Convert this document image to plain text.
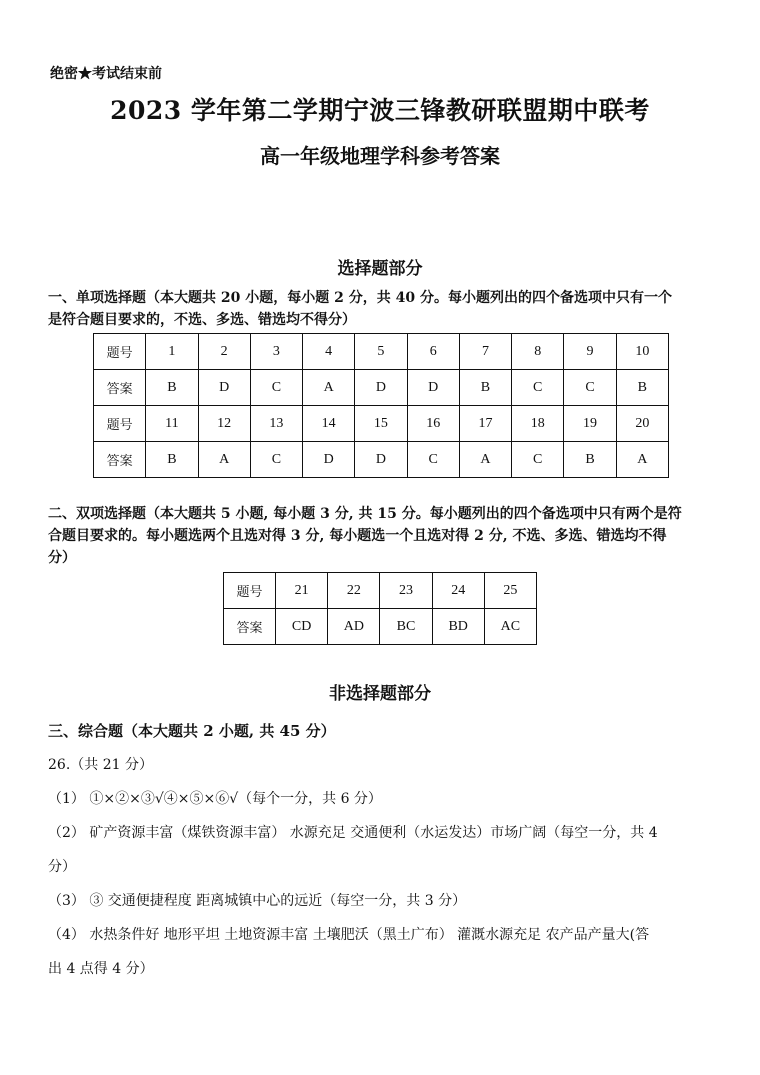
绝密★考试结束前
2023 学年第二学期宁波三锋教研联盟期中联考
高一年级地理学科参考答案
选择题部分
一、单项选择题（本大题共 20 小题，每小题 2 分，共 40 分。每小题列出的四个备选项中只有一个
是符合题目要求的，不选、多选、错选均不得分）
题号	1	2	3	4	5	6	7	8	9	10
答案	B	D	C	A	D	D	B	C	C	B
题号	11	12	13	14	15	16	17	18	19	20
答案	B	A	C	D	D	C	A	C	B	A
二、双项选择题（本大题共 5 小题, 每小题 3 分, 共 15 分。每小题列出的四个备选项中只有两个是符
合题目要求的。每小题选两个且选对得 3 分, 每小题选一个且选对得 2 分, 不选、多选、错选均不得
分）
题号	21	22	23	24	25
答案	CD	AD	BC	BD	AC
非选择题部分
三、综合题（本大题共 2 小题, 共 45 分）
26.（共 21 分）
（1） ①×②×③√④×⑤×⑥√（每个一分，共 6 分）
（2） 矿产资源丰富（煤铁资源丰富） 水源充足 交通便利（水运发达）市场广阔（每空一分，共 4
分）
（3） ③ 交通便捷程度 距离城镇中心的远近（每空一分，共 3 分）
（4） 水热条件好 地形平坦 土地资源丰富 土壤肥沃（黑土广布） 灌溉水源充足 农产品产量大(答
出 4 点得 4 分）
